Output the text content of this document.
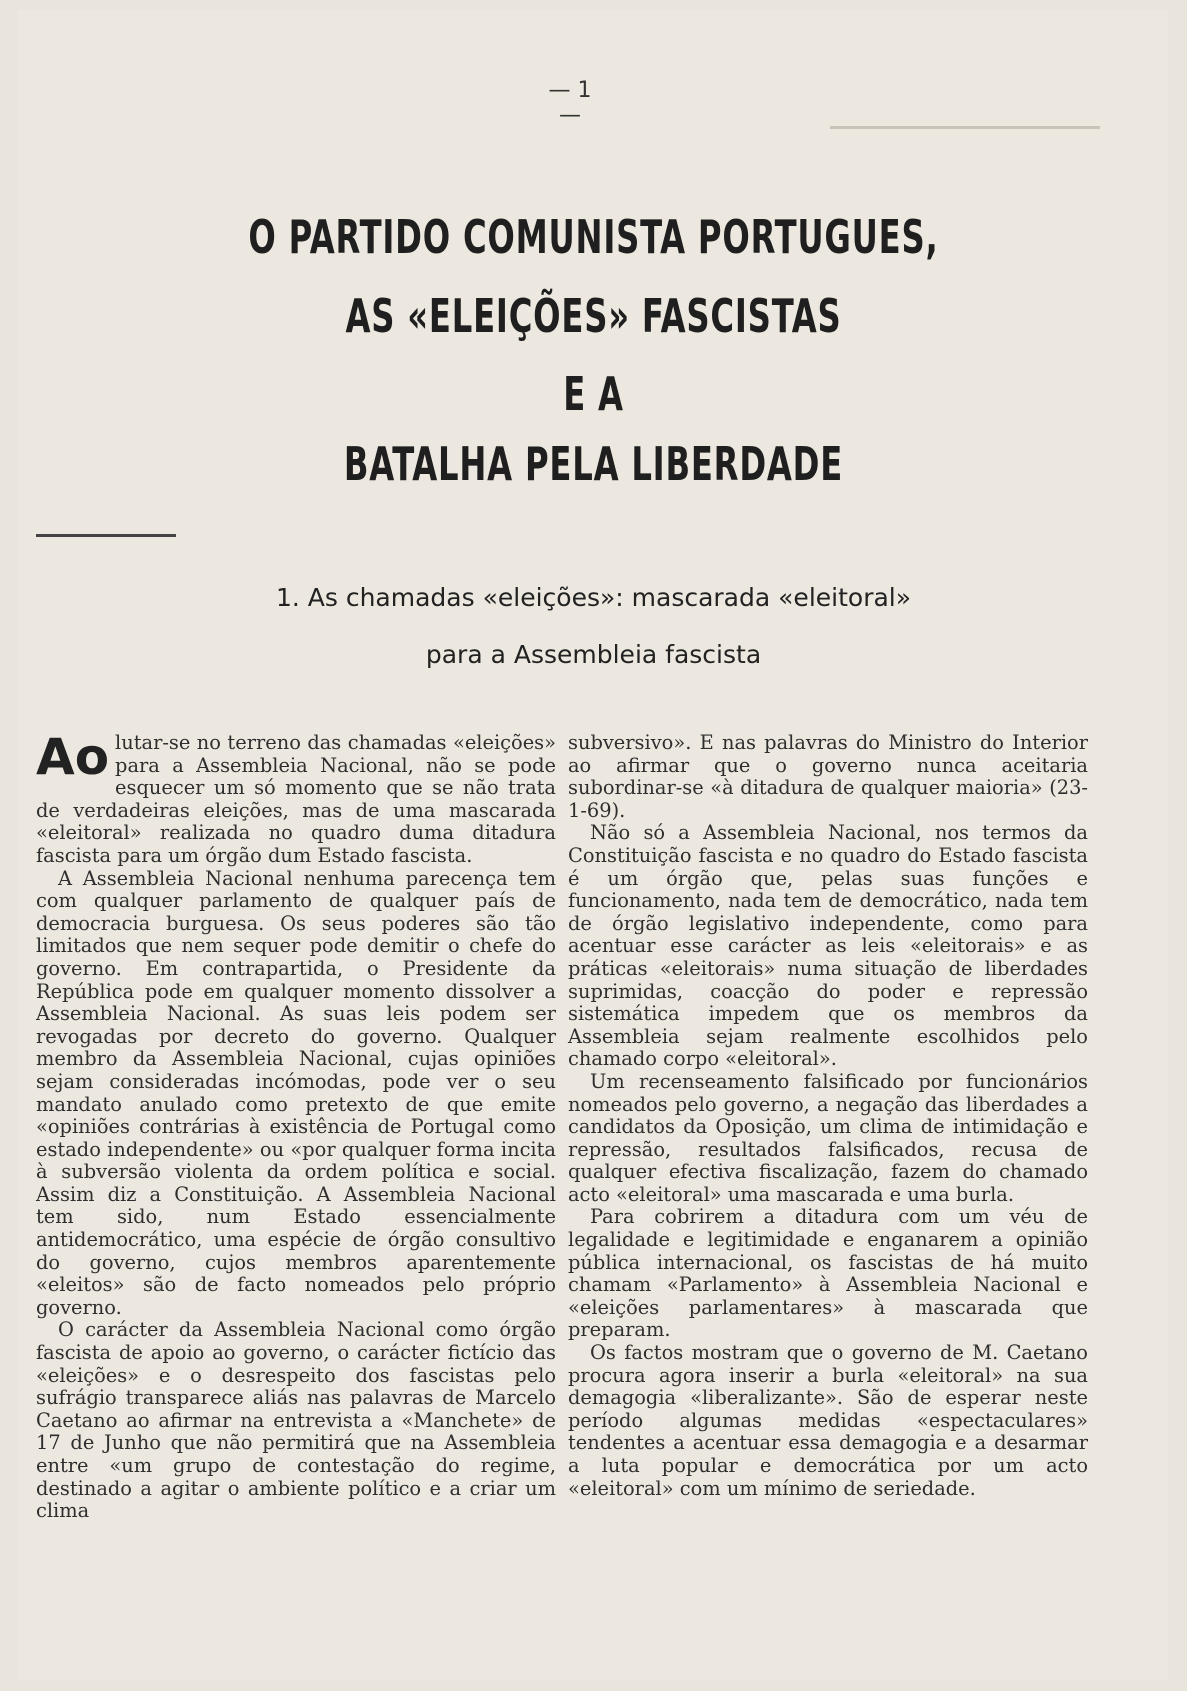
— 1 —
O PARTIDO COMUNISTA PORTUGUES,
AS «ELEIÇÕES» FASCISTAS
E A
BATALHA PELA LIBERDADE
1. As chamadas «eleições»: mascarada «eleitoral»
para a Assembleia fascista

Ao lutar-se no terreno das chamadas «eleições» para a Assembleia Nacional, não se pode esquecer um só momento que se não trata de verdadeiras eleições, mas de uma mascarada «eleitoral» realizada no quadro duma ditadura fascista para um órgão dum Estado fascista.

A Assembleia Nacional nenhuma parecença tem com qualquer parlamento de qualquer país de democracia burguesa. Os seus poderes são tão limitados que nem sequer pode demitir o chefe do governo. Em contrapartida, o Presidente da República pode em qualquer momento dissolver a Assembleia Nacional. As suas leis podem ser revogadas por decreto do governo. Qualquer membro da Assembleia Nacional, cujas opiniões sejam consideradas incómodas, pode ver o seu mandato anulado como pretexto de que emite «opiniões contrárias à existência de Portugal como estado independente» ou «por qualquer forma incita à subversão violenta da ordem política e social. Assim diz a Constituição. A Assembleia Nacional tem sido, num Estado essencialmente antidemocrático, uma espécie de órgão consultivo do governo, cujos membros aparentemente «eleitos» são de facto nomeados pelo próprio governo.

O carácter da Assembleia Nacional como órgão fascista de apoio ao governo, o carácter fictício das «eleições» e o desrespeito dos fascistas pelo sufrágio transparece aliás nas palavras de Marcelo Caetano ao afirmar na entrevista a «Manchete» de 17 de Junho que não permitirá que na Assembleia entre «um grupo de contestação do regime, destinado a agitar o ambiente político e a criar um clima

subversivo». E nas palavras do Ministro do Interior ao afirmar que o governo nunca aceitaria subordinar-se «à ditadura de qualquer maioria» (23-1-69).

Não só a Assembleia Nacional, nos termos da Constituição fascista e no quadro do Estado fascista é um órgão que, pelas suas funções e funcionamento, nada tem de democrático, nada tem de órgão legislativo independente, como para acentuar esse carácter as leis «eleitorais» e as práticas «eleitorais» numa situação de liberdades suprimidas, coacção do poder e repressão sistemática impedem que os membros da Assembleia sejam realmente escolhidos pelo chamado corpo «eleitoral».

Um recenseamento falsificado por funcionários nomeados pelo governo, a negação das liberdades a candidatos da Oposição, um clima de intimidação e repressão, resultados falsificados, recusa de qualquer efectiva fiscalização, fazem do chamado acto «eleitoral» uma mascarada e uma burla.

Para cobrirem a ditadura com um véu de legalidade e legitimidade e enganarem a opinião pública internacional, os fascistas de há muito chamam «Parlamento» à Assembleia Nacional e «eleições parlamentares» à mascarada que preparam.

Os factos mostram que o governo de M. Caetano procura agora inserir a burla «eleitoral» na sua demagogia «liberalizante». São de esperar neste período algumas medidas «espectaculares» tendentes a acentuar essa demagogia e a desarmar a luta popular e democrática por um acto «eleitoral» com um mínimo de seriedade.
